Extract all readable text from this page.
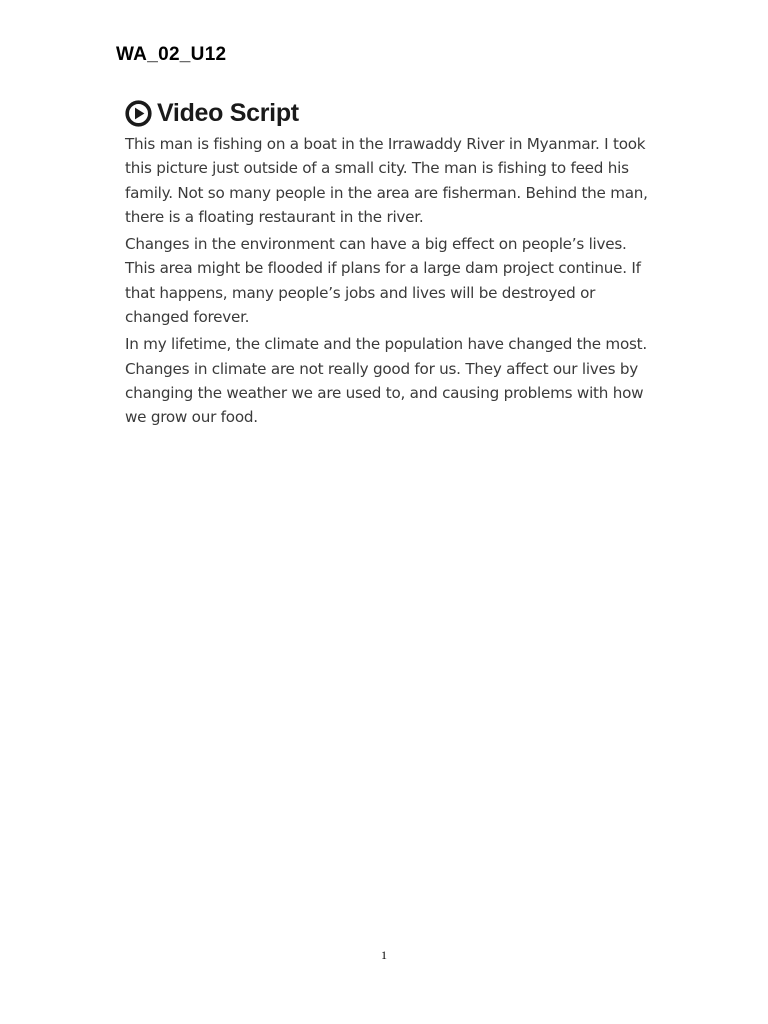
WA_02_U12
Video Script

This man is fishing on a boat in the Irrawaddy River in Myanmar. I took this picture just outside of a small city. The man is fishing to feed his family. Not so many people in the area are fisherman. Behind the man, there is a floating restaurant in the river.

Changes in the environment can have a big effect on people’s lives. This area might be flooded if plans for a large dam project continue. If that happens, many people’s jobs and lives will be destroyed or changed forever.

In my lifetime, the climate and the population have changed the most. Changes in climate are not really good for us. They affect our lives by changing the weather we are used to, and causing problems with how we grow our food.

1
